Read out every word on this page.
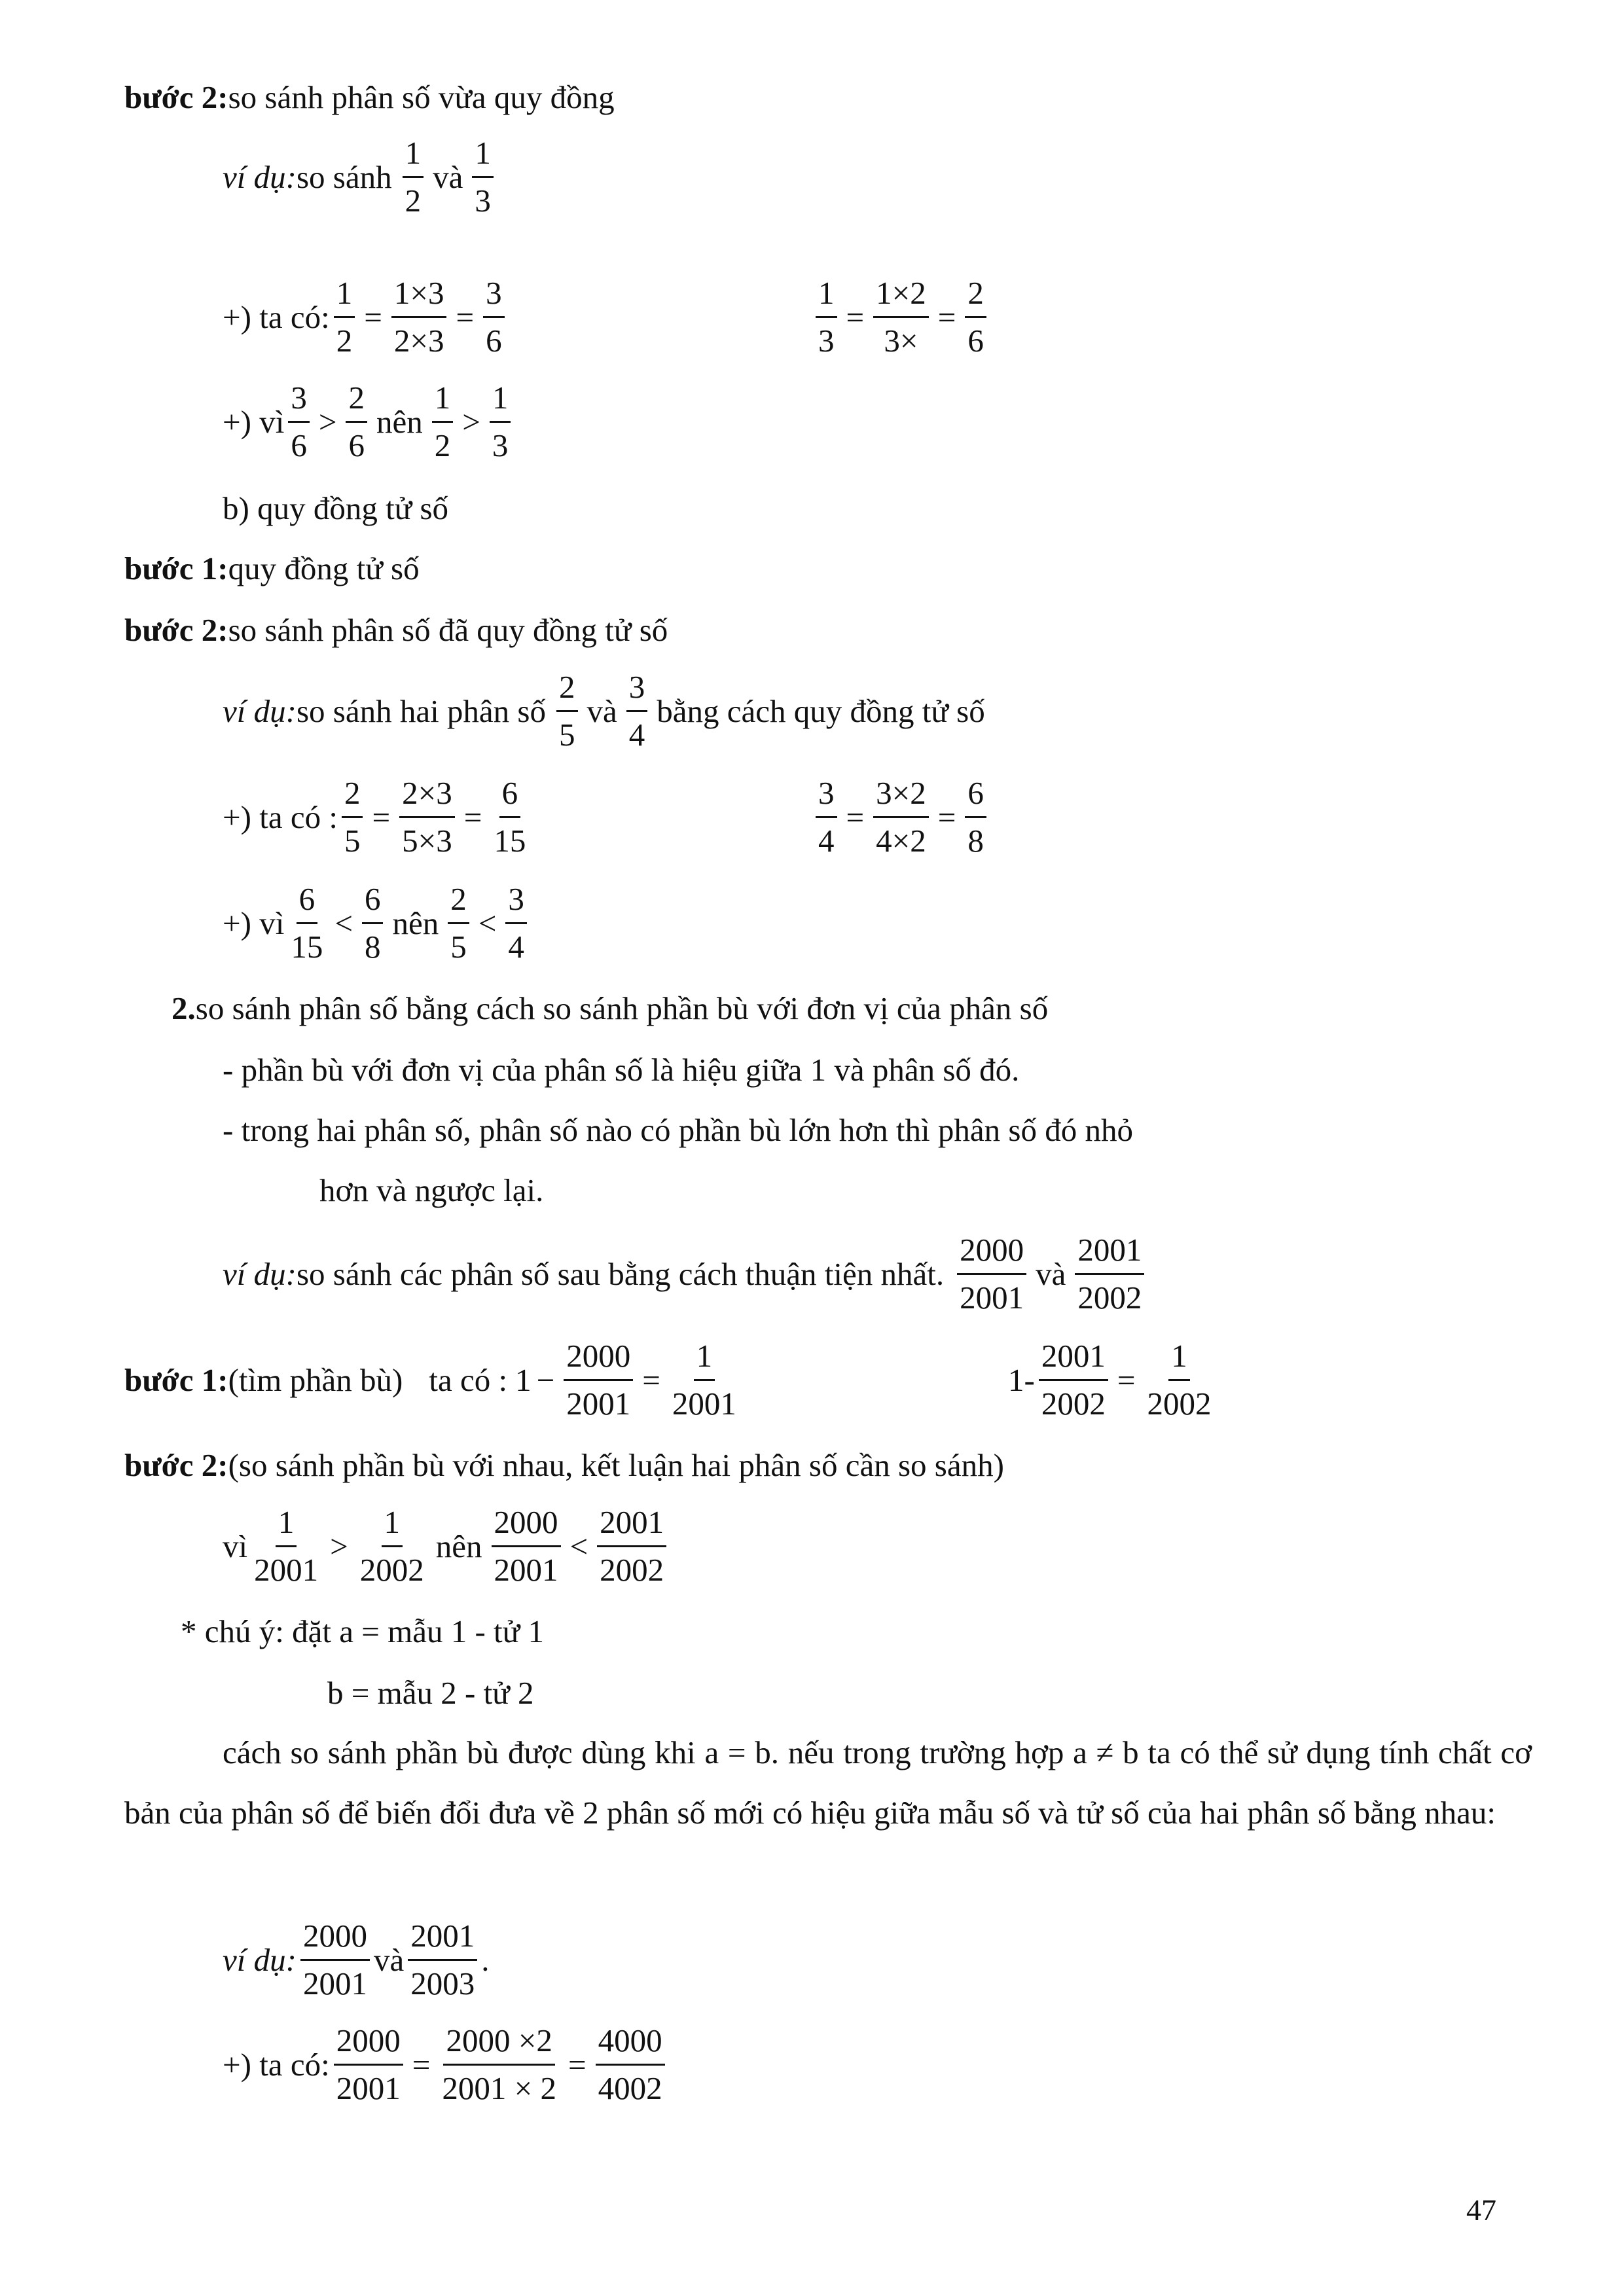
bước 2: so sánh phân số vừa quy đồng
ví dụ: so sánh $\frac{1}{2}$ và $\frac{1}{3}$
+) ta có: $\frac{1}{2} = \frac{1\times 3}{2\times 3} = \frac{3}{6}$	$\frac{1}{3} = \frac{1\times 2}{3\times} = \frac{2}{6}$
+) vì $\frac{3}{6} > \frac{2}{6}$ nên $\frac{1}{2} > \frac{1}{3}$
b) quy đồng tử số
bước 1: quy đồng tử số
bước 2: so sánh phân số đã quy đồng tử số
ví dụ: so sánh hai phân số $\frac{2}{5}$ và $\frac{3}{4}$ bằng cách quy đồng tử số
+) ta có : $\frac{2}{5} = \frac{2\times 3}{5\times 3} = \frac{6}{15}$	$\frac{3}{4} = \frac{3\times 2}{4\times 2} = \frac{6}{8}$
+) vì $\frac{6}{15} < \frac{6}{8}$ nên $\frac{2}{5} < \frac{3}{4}$
2. so sánh phân số bằng cách so sánh phần bù với đơn vị của phân số
- phần bù với đơn vị của phân số là hiệu giữa 1 và phân số đó.
- trong hai phân số, phân số nào có phần bù lớn hơn thì phân số đó nhỏ
hơn và ngược lại.
ví dụ: so sánh các phân số sau bằng cách thuận tiện nhất. $\frac{2000}{2001}$ và $\frac{2001}{2002}$
bước 1: (tìm phần bù) ta có : $1 - \frac{2000}{2001} = \frac{1}{2001}$	$1- \frac{2001}{2002} = \frac{1}{2002}$
bước 2: (so sánh phần bù với nhau, kết luận hai phân số cần so sánh)
vì $\frac{1}{2001} > \frac{1}{2002}$ nên $\frac{2000}{2001} < \frac{2001}{2002}$
* chú ý: đặt a = mẫu 1 - tử 1
b = mẫu 2 - tử 2
cách so sánh phần bù được dùng khi a = b. nếu trong trường hợp a ≠ b ta có thể sử dụng tính chất cơ bản của phân số để biến đổi đưa về 2 phân số mới có hiệu giữa mẫu số và tử số của hai phân số bằng nhau:
ví dụ: $\frac{2000}{2001}$ và $\frac{2001}{2003}$ .
+) ta có: $\frac{2000}{2001} = \frac{2000 \times 2}{2001 \times 2} = \frac{4000}{4002}$
47
